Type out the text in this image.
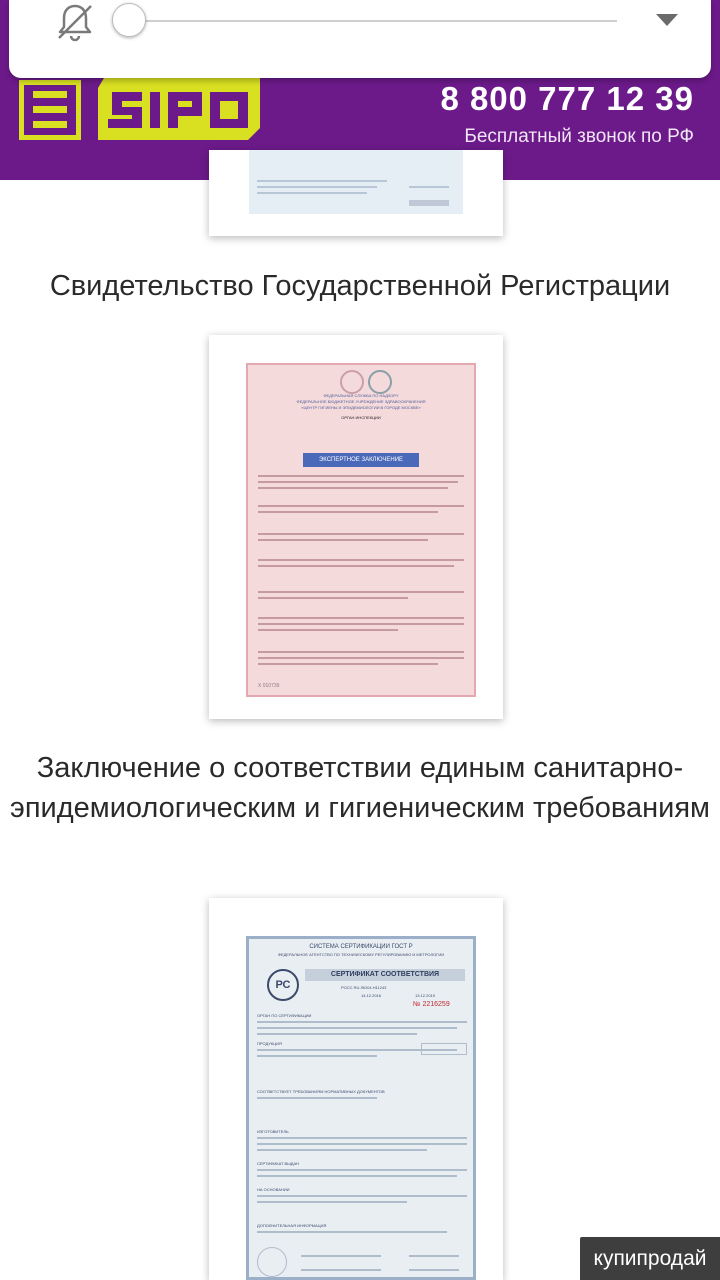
8 800 777 12 39
Бесплатный звонок по РФ
Свидетельство Государственной Регистрации
ФЕДЕРАЛЬНАЯ СЛУЖБА ПО НАДЗОРУ
ФЕДЕРАЛЬНОЕ БЮДЖЕТНОЕ УЧРЕЖДЕНИЕ ЗДРАВООХРАНЕНИЯ
«ЦЕНТР ГИГИЕНЫ И ЭПИДЕМИОЛОГИИ В ГОРОДЕ МОСКВЕ»
ОРГАН ИНСПЕКЦИИ
ЭКСПЕРТНОЕ ЗАКЛЮЧЕНИЕ
X 010739
Заключение о соответствии единым санитарно-эпидемиологическим и гигиеническим требованиям
СИСТЕМА СЕРТИФИКАЦИИ ГОСТ Р
ФЕДЕРАЛЬНОЕ АГЕНТСТВО ПО ТЕХНИЧЕСКОМУ РЕГУЛИРОВАНИЮ И МЕТРОЛОГИИ
РС
СЕРТИФИКАТ СООТВЕТСТВИЯ
РОСС RU.ЛЮ04.Н11243
14.12.2016	13.12.2019
№ 2216259
ОРГАН ПО СЕРТИФИКАЦИИ
ПРОДУКЦИЯ
СООТВЕТСТВУЕТ ТРЕБОВАНИЯМ НОРМАТИВНЫХ ДОКУМЕНТОВ
ИЗГОТОВИТЕЛЬ
СЕРТИФИКАТ ВЫДАН
НА ОСНОВАНИИ
ДОПОЛНИТЕЛЬНАЯ ИНФОРМАЦИЯ
купипродай
